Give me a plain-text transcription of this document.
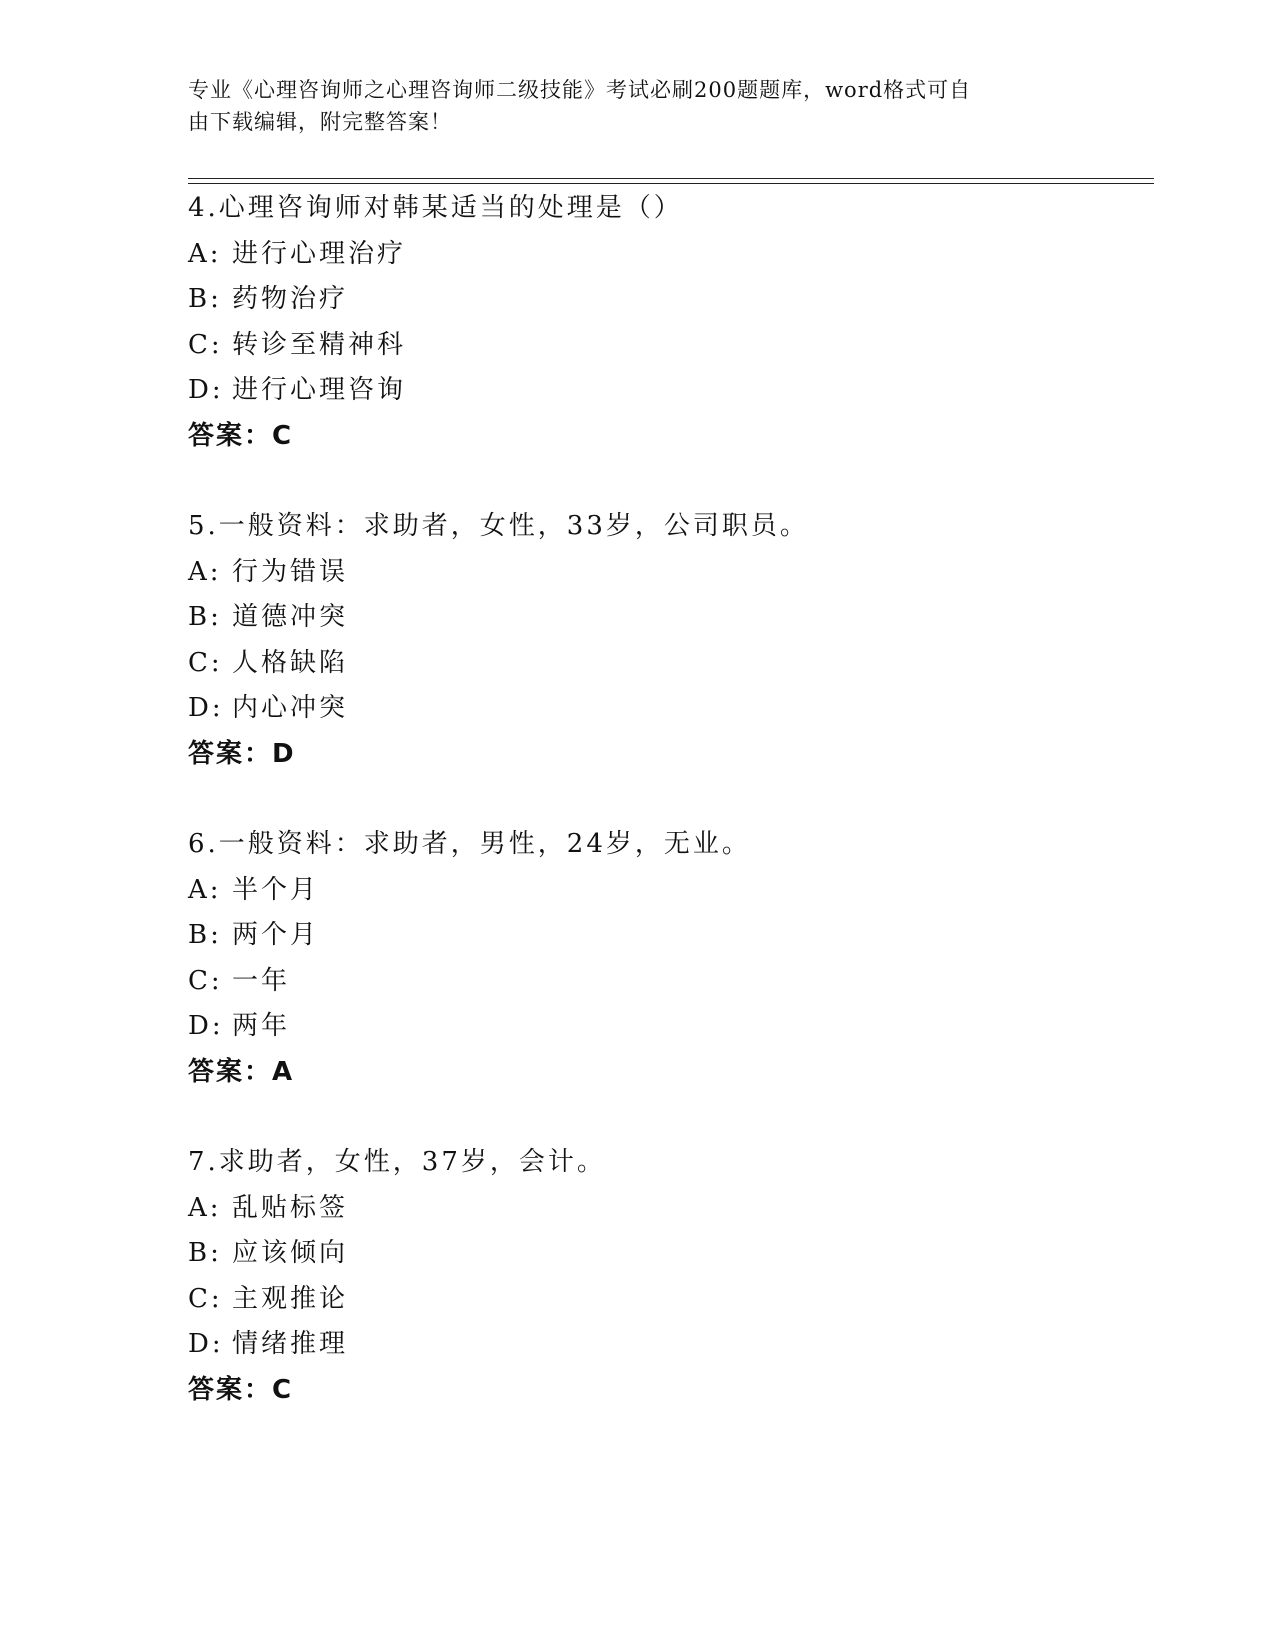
专业《心理咨询师之心理咨询师二级技能》考试必刷200题题库，word格式可自
由下载编辑，附完整答案！
4.心理咨询师对韩某适当的处理是（）
A: 进行心理治疗
B: 药物治疗
C: 转诊至精神科
D: 进行心理咨询
答案：C
5.一般资料：求助者，女性，33岁，公司职员。
A: 行为错误
B: 道德冲突
C: 人格缺陷
D: 内心冲突
答案：D
6.一般资料：求助者，男性，24岁，无业。
A: 半个月
B: 两个月
C: 一年
D: 两年
答案：A
7.求助者，女性，37岁，会计。
A: 乱贴标签
B: 应该倾向
C: 主观推论
D: 情绪推理
答案：C
